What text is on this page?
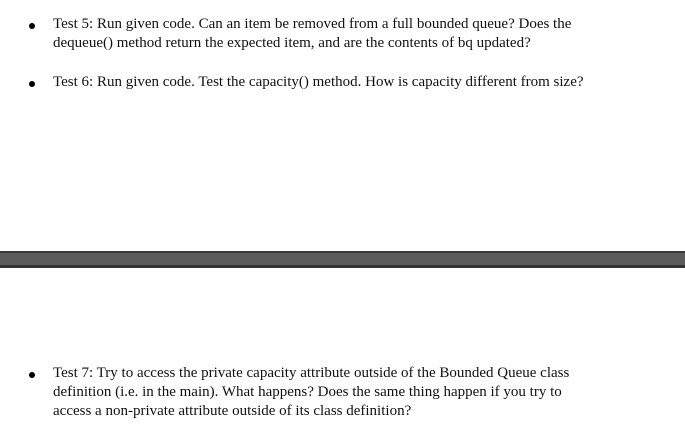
Test 5: Run given code. Can an item be removed from a full bounded queue? Does the
dequeue() method return the expected item, and are the contents of bq updated?
Test 6: Run given code. Test the capacity() method. How is capacity different from size?
Test 7: Try to access the private capacity attribute outside of the Bounded Queue class
definition (i.e. in the main). What happens? Does the same thing happen if you try to
access a non-private attribute outside of its class definition?
